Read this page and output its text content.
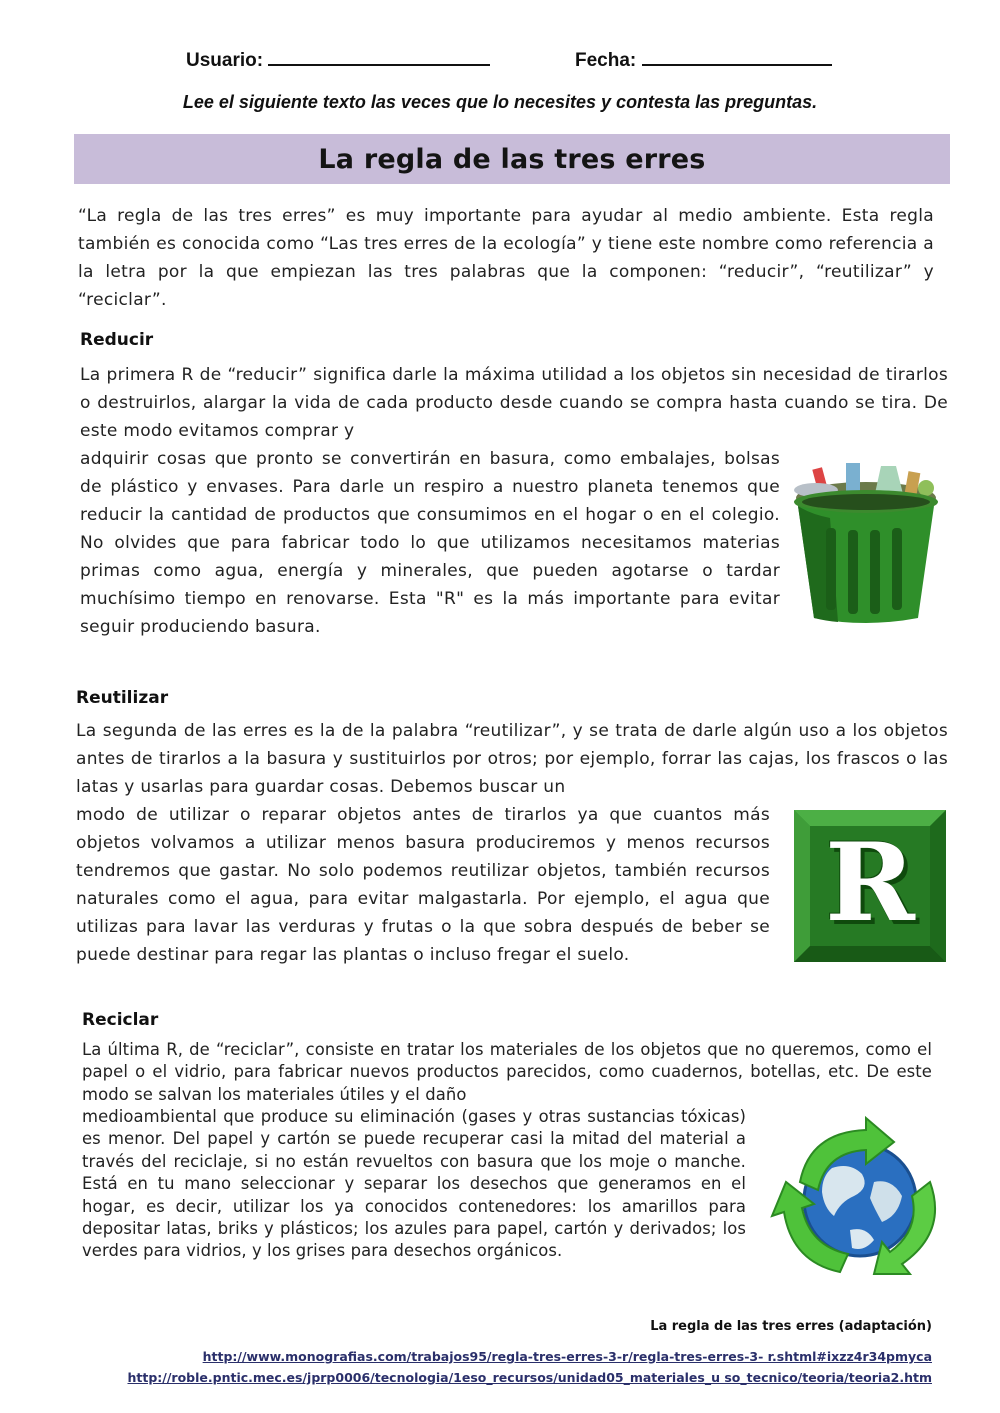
Usuario:	Fecha:
Lee el siguiente texto las veces que lo necesites y contesta las preguntas.
La regla de las tres erres
“La regla de las tres erres” es muy importante para ayudar al medio ambiente. Esta regla también es conocida como “Las tres erres de la ecología” y tiene este nombre como referencia a la letra por la que empiezan las tres palabras que la componen: “reducir”, “reutilizar” y “reciclar”.
Reducir
La primera R de “reducir” significa darle la máxima utilidad a los objetos sin necesidad de tirarlos o destruirlos, alargar la vida de cada producto desde cuando se compra hasta cuando se tira. De este modo evitamos comprar y
adquirir cosas que pronto se convertirán en basura, como embalajes, bolsas de plástico y envases. Para darle un respiro a nuestro planeta tenemos que reducir la cantidad de productos que consumimos en el hogar o en el colegio. No olvides que para fabricar todo lo que utilizamos necesitamos materias primas como agua, energía y minerales, que pueden agotarse o tardar muchísimo tiempo en renovarse. Esta "R" es la más importante para evitar seguir produciendo basura.
Reutilizar
La segunda de las erres es la de la palabra “reutilizar”, y se trata de darle algún uso a los objetos antes de tirarlos a la basura y sustituirlos por otros; por ejemplo, forrar las cajas, los frascos o las latas y usarlas para guardar cosas. Debemos buscar un
modo de utilizar o reparar objetos antes de tirarlos ya que cuantos más objetos volvamos a utilizar menos basura produciremos y menos recursos tendremos que gastar. No solo podemos reutilizar objetos, también recursos naturales como el agua, para evitar malgastarla. Por ejemplo, el agua que utilizas para lavar las verduras y frutas o la que sobra después de beber se puede destinar para regar las plantas o incluso fregar el suelo.
R
Reciclar
La última R, de “reciclar”, consiste en tratar los materiales de los objetos que no queremos, como el papel o el vidrio, para fabricar nuevos productos parecidos, como cuadernos, botellas, etc. De este modo se salvan los materiales útiles y el daño
medioambiental que produce su eliminación (gases y otras sustancias tóxicas) es menor. Del papel y cartón se puede recuperar casi la mitad del material a través del reciclaje, si no están revueltos con basura que los moje o manche. Está en tu mano seleccionar y separar los desechos que generamos en el hogar, es decir, utilizar los ya conocidos contenedores: los amarillos para depositar latas, briks y plásticos; los azules para papel, cartón y derivados; los verdes para vidrios, y los grises para desechos orgánicos.
La regla de las tres erres (adaptación)
http://www.monografias.com/trabajos95/regla-tres-erres-3-r/regla-tres-erres-3- r.shtml#ixzz4r34pmyca
http://roble.pntic.mec.es/jprp0006/tecnologia/1eso_recursos/unidad05_materiales_u so_tecnico/teoria/teoria2.htm
